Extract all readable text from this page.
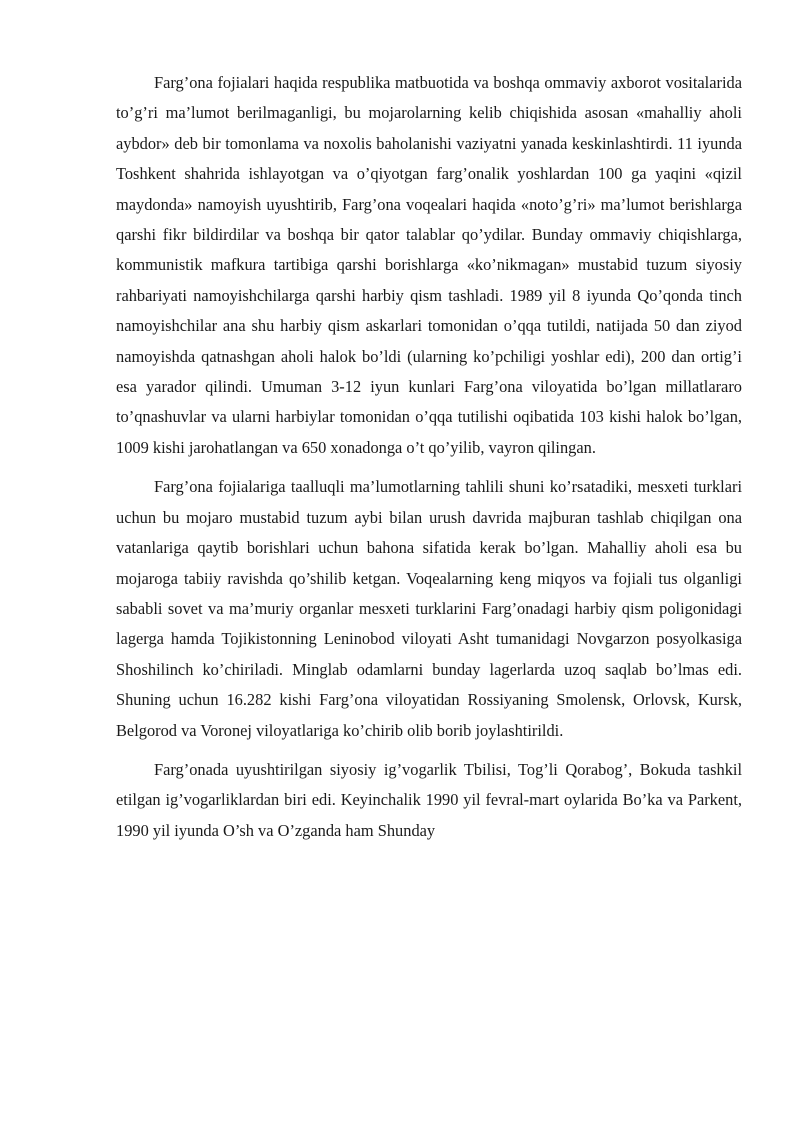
Farg’ona fojialari haqida respublika matbuotida va boshqa ommaviy axborot vositalarida to’g’ri ma’lumot berilmaganligi, bu mojarolarning kelib chiqishida asosan «mahalliy aholi aybdor» deb bir tomonlama va noxolis baholanishi vaziyatni yanada keskinlashtirdi. 11 iyunda Toshkent shahrida ishlayotgan va o’qiyotgan farg’onalik yoshlardan 100 ga yaqini «qizil maydonda» namoyish uyushtirib, Farg’ona voqealari haqida «noto’g’ri» ma’lumot berishlarga qarshi fikr bildirdilar va boshqa bir qator talablar qo’ydilar. Bunday ommaviy chiqishlarga, kommunistik mafkura tartibiga qarshi borishlarga «ko’nikmagan» mustabid tuzum siyosiy rahbariyati namoyishchilarga qarshi harbiy qism tashladi. 1989 yil 8 iyunda Qo’qonda tinch namoyishchilar ana shu harbiy qism askarlari tomonidan o’qqa tutildi, natijada 50 dan ziyod namoyishda qatnashgan aholi halok bo’ldi (ularning ko’pchiligi yoshlar edi), 200 dan ortig’i esa yarador qilindi. Umuman 3-12 iyun kunlari Farg’ona viloyatida bo’lgan millatlararo to’qnashuvlar va ularni harbiylar tomonidan o’qqa tutilishi oqibatida 103 kishi halok bo’lgan, 1009 kishi jarohatlangan va 650 xonadonga o’t qo’yilib, vayron qilingan.

Farg’ona fojialariga taalluqli ma’lumotlarning tahlili shuni ko’rsatadiki, mesxeti turklari uchun bu mojaro mustabid tuzum aybi bilan urush davrida majburan tashlab chiqilgan ona vatanlariga qaytib borishlari uchun bahona sifatida kerak bo’lgan. Mahalliy aholi esa bu mojaroga tabiiy ravishda qo’shilib ketgan. Voqealarning keng miqyos va fojiali tus olganligi sababli sovet va ma’muriy organlar mesxeti turklarini Farg’onadagi harbiy qism poligonidagi lagerga hamda Tojikistonning Leninobod viloyati Asht tumanidagi Novgarzon posyolkasiga Shoshilinch ko’chiriladi. Minglab odamlarni bunday lagerlarda uzoq saqlab bo’lmas edi. Shuning uchun 16.282 kishi Farg’ona viloyatidan Rossiyaning Smolensk, Orlovsk, Kursk, Belgorod va Voronej viloyatlariga ko’chirib olib borib joylashtirildi.

Farg’onada uyushtirilgan siyosiy ig’vogarlik Tbilisi, Tog’li Qorabog’, Bokuda tashkil etilgan ig’vogarliklardan biri edi. Keyinchalik 1990 yil fevral-mart oylarida Bo’ka va Parkent, 1990 yil iyunda O’sh va O’zganda ham Shunday
